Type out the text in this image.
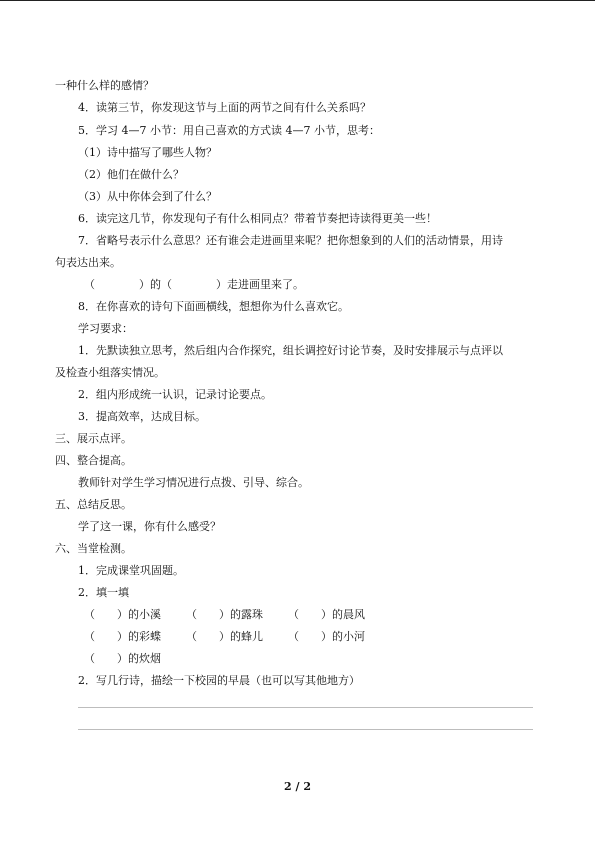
一种什么样的感情？
4．读第三节，你发现这节与上面的两节之间有什么关系吗？
5．学习 4—7 小节：用自己喜欢的方式读 4—7 小节，思考：
（1）诗中描写了哪些人物？
（2）他们在做什么？
（3）从中你体会到了什么？
6．读完这几节，你发现句子有什么相同点？带着节奏把诗读得更美一些！
7．省略号表示什么意思？还有谁会走进画里来呢？把你想象到的人们的活动情景，用诗
句表达出来。
（　　　　）的（　　　　）走进画里来了。
8．在你喜欢的诗句下面画横线，想想你为什么喜欢它。
学习要求：
1．先默读独立思考，然后组内合作探究，组长调控好讨论节奏，及时安排展示与点评以
及检查小组落实情况。
2．组内形成统一认识，记录讨论要点。
3．提高效率，达成目标。
三、展示点评。
四、整合提高。
教师针对学生学习情况进行点拨、引导、综合。
五、总结反思。
学了这一课，你有什么感受？
六、当堂检测。
1．完成课堂巩固题。
2．填一填
（　　）的小溪 （　　）的露珠 （　　）的晨风
（　　）的彩蝶 （　　）的蜂儿 （　　）的小河
（　　）的炊烟
2．写几行诗，描绘一下校园的早晨（也可以写其他地方）
2 / 2
